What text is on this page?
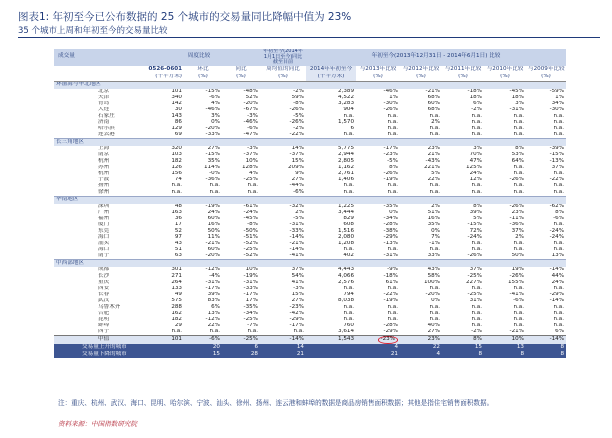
图表1: 年初至今已公布数据的 25 个城市的交易量同比降幅中值为 23%
35 个城市上周和年初至今的交易量比较
成交量	周度比较			年初至今(2014年1月1日至今)同比截至目前	年初至今(2013年12月31日 - 2014年6月1日) 比较					
	0526-0601	环比	同比	周均值的同比	2014年年初至今	与2013年比较	与2012年比较	与2011年比较	与2010年比较	与2009年比较
	(千平方米)	(%)	(%)	(%)	(千平方米)	(%)	(%)	(%)	(%)	(%)
环渤海与华北地区										
北京	101	-15%	-48%	-2%	2,389	-46%	-21%	-18%	-45%	-59%
天津	340	-6%	52%	59%	4,522	1%	68%	18%	18%	1%
青岛	142	4%	-20%	-8%	3,283	-30%	60%	6%	3%	34%
大连	30	-46%	-67%	-26%	904	-26%	68%	-2%	-31%	-30%
石家庄	143	3%	-3%	-5%	n.a.	n.a.	n.a.	n.a.	n.a.	n.a.
济南	86	0%	-46%	-26%	1,570	n.a.	2%	n.a.	n.a.	n.a.
哈尔滨	129	-20%	-6%	-2%	6	n.a.	n.a.	n.a.	n.a.	n.a.
连云港	69	-33%	-47%	-22%	n.a.	n.a.	n.a.	n.a.	n.a.	n.a.
长三角地区										
上海	320	27%	-3%	14%	5,775	-17%	23%	3%	8%	-39%
南京	103	-15%	-37%	-37%	2,944	-23%	21%	70%	53%	-15%
杭州	182	35%	10%	15%	2,805	-5%	-43%	47%	64%	-13%
苏州	126	114%	128%	209%	1,162	8%	221%	125%	n.a.	37%
杭州	156	-0%	4%	9%	2,761	-26%	5%	24%	n.a.	n.a.
宁波	74	-36%	-25%	27%	1,406	-19%	22%	12%	-26%	-22%
扬州	n.a.	n.a.	n.a.	-44%	n.a.	n.a.	n.a.	n.a.	n.a.	n.a.
徐州	n.a.	n.a.	n.a.	-6%	n.a.	n.a.	n.a.	n.a.	n.a.	n.a.
华南地区										
深圳	48	-19%	-61%	-32%	1,225	-35%	2%	8%	-26%	-62%
广州	163	24%	-24%	2%	3,444	0%	51%	39%	23%	8%
福州	36	60%	-45%	-5%	829	-34%	16%	5%	-11%	-6%
厦门	17	16%	-8%	-31%	608	-28%	35%	-15%	-36%	n.a.
东莞	52	50%	-50%	-33%	1,516	-38%	0%	72%	37%	-24%
海口	97	11%	-51%	-14%	2,080	-29%	7%	-24%	2%	-24%
汕头	43	-21%	-52%	-21%	1,208	-13%	-1%	n.a.	n.a.	n.a.
海口	51	60%	-25%	-14%	n.a.	n.a.	n.a.	n.a.	n.a.	n.a.
南宁	63	-20%	-52%	-41%	402	-31%	33%	-26%	50%	13%
中西部地区										
成都	301	-12%	10%	37%	4,443	-9%	43%	37%	19%	-14%
长沙	271	-4%	-19%	54%	4,066	-18%	58%	-25%	-26%	44%
重庆	264	-31%	-31%	41%	2,576	61%	100%	227%	155%	24%
西安	133	-17%	-33%	-3%	n.a.	n.a.	n.a.	n.a.	n.a.	n.a.
长春	49	39%	-17%	15%	794	-22%	-20%	-25%	-41%	-29%
武汉	575	83%	17%	27%	8,038	-19%	0%	31%	-6%	-14%
乌鲁木齐	288	6%	-35%	-23%	n.a.	n.a.	n.a.	n.a.	n.a.	n.a.
合肥	162	13%	-34%	-42%	n.a.	n.a.	n.a.	n.a.	n.a.	n.a.
昆明	182	-12%	-25%	-29%	n.a.	n.a.	n.a.	n.a.	n.a.	n.a.
蚌埠	29	22%	-7%	-17%	760	-28%	40%	n.a.	n.a.	n.a.
西宁	n.a.	n.a.	n.a.	n.a.	3,614	-29%	27%	-2%	-21%	6%
中值	101	-6%	-25%	-14%	1,543	-23%	23%	8%	10%	-14%
交易量上升的城市		20	6	14		4	22	15	13	8
交易量下降的城市		15	28	21		21	4	8	8	8
注：重庆、杭州、武汉、海口、昆明、哈尔滨、宁波、汕头、徐州、扬州、连云港和蚌埠的数据是商品房销售面积数据；其他是指住宅销售面积数据。
资料来源：中国指数研究院
